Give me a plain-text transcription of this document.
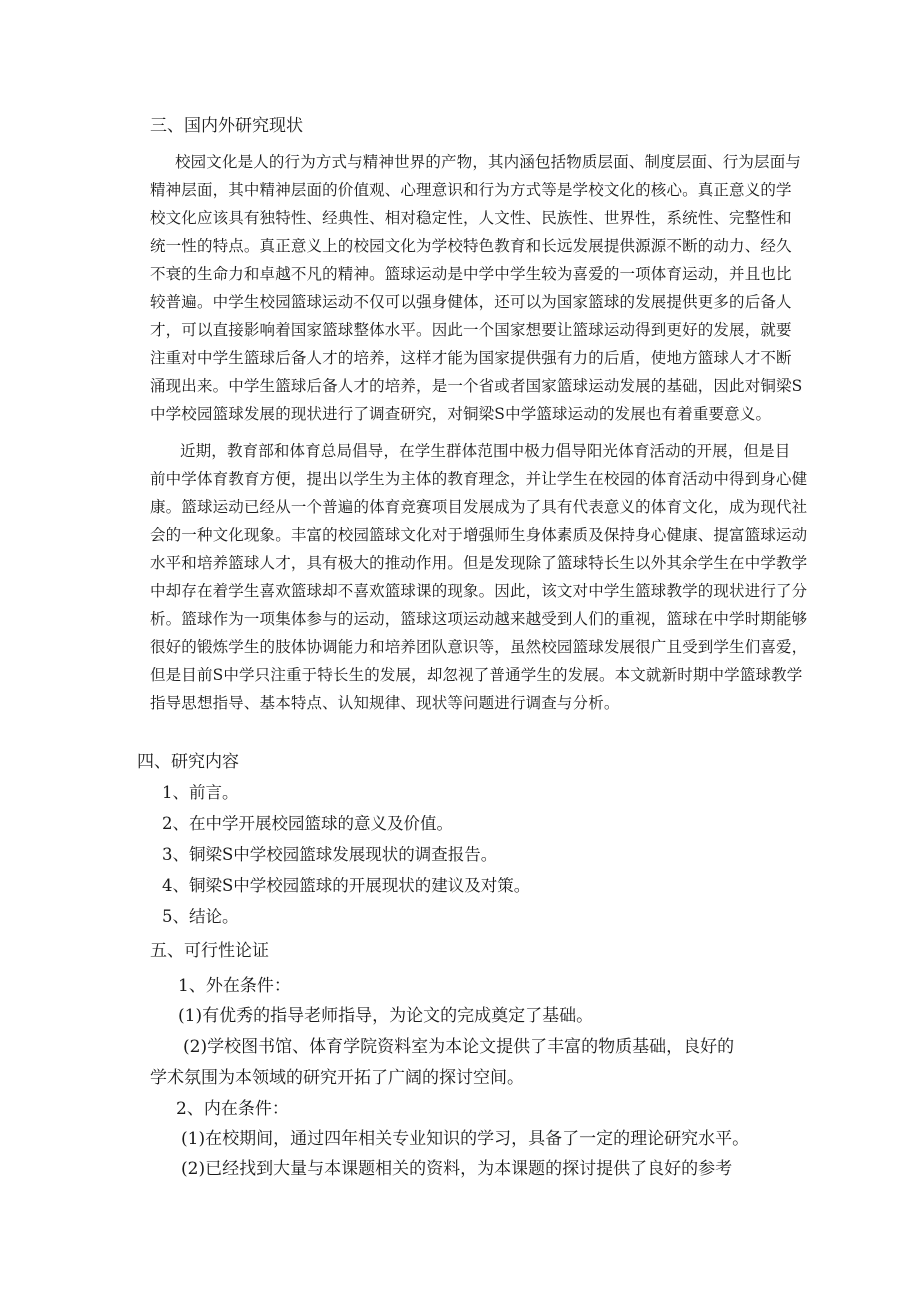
三、国内外研究现状
校园文化是人的行为方式与精神世界的产物，其内涵包括物质层面、制度层面、行为层面与
精神层面，其中精神层面的价值观、心理意识和行为方式等是学校文化的核心。真正意义的学
校文化应该具有独特性、经典性、相对稳定性，人文性、民族性、世界性，系统性、完整性和
统一性的特点。真正意义上的校园文化为学校特色教育和长远发展提供源源不断的动力、经久
不衰的生命力和卓越不凡的精神。篮球运动是中学中学生较为喜爱的一项体育运动，并且也比
较普遍。中学生校园篮球运动不仅可以强身健体，还可以为国家篮球的发展提供更多的后备人
才，可以直接影响着国家篮球整体水平。因此一个国家想要让篮球运动得到更好的发展，就要
注重对中学生篮球后备人才的培养，这样才能为国家提供强有力的后盾，使地方篮球人才不断
涌现出来。中学生篮球后备人才的培养，是一个省或者国家篮球运动发展的基础，因此对铜梁S
中学校园篮球发展的现状进行了调查研究，对铜梁S中学篮球运动的发展也有着重要意义。
近期，教育部和体育总局倡导，在学生群体范围中极力倡导阳光体育活动的开展，但是目
前中学体育教育方便，提出以学生为主体的教育理念，并让学生在校园的体育活动中得到身心健
康。篮球运动已经从一个普遍的体育竞赛项目发展成为了具有代表意义的体育文化，成为现代社
会的一种文化现象。丰富的校园篮球文化对于增强师生身体素质及保持身心健康、提富篮球运动
水平和培养篮球人才，具有极大的推动作用。但是发现除了篮球特长生以外其余学生在中学教学
中却存在着学生喜欢篮球却不喜欢篮球课的现象。因此，该文对中学生篮球教学的现状进行了分
析。篮球作为一项集体参与的运动，篮球这项运动越来越受到人们的重视，篮球在中学时期能够
很好的锻炼学生的肢体协调能力和培养团队意识等，虽然校园篮球发展很广且受到学生们喜爱，
但是目前S中学只注重于特长生的发展，却忽视了普通学生的发展。本文就新时期中学篮球教学
指导思想指导、基本特点、认知规律、现状等问题进行调查与分析。
四、研究内容
1、前言。
2、在中学开展校园篮球的意义及价值。
3、铜梁S中学校园篮球发展现状的调查报告。
4、铜梁S中学校园篮球的开展现状的建议及对策。
5、结论。
五、可行性论证
1、外在条件：
(1)有优秀的指导老师指导，为论文的完成奠定了基础。
(2)学校图书馆、体育学院资料室为本论文提供了丰富的物质基础，良好的
学术氛围为本领域的研究开拓了广阔的探讨空间。
2、内在条件：
(1)在校期间，通过四年相关专业知识的学习，具备了一定的理论研究水平。
(2)已经找到大量与本课题相关的资料，为本课题的探讨提供了良好的参考
